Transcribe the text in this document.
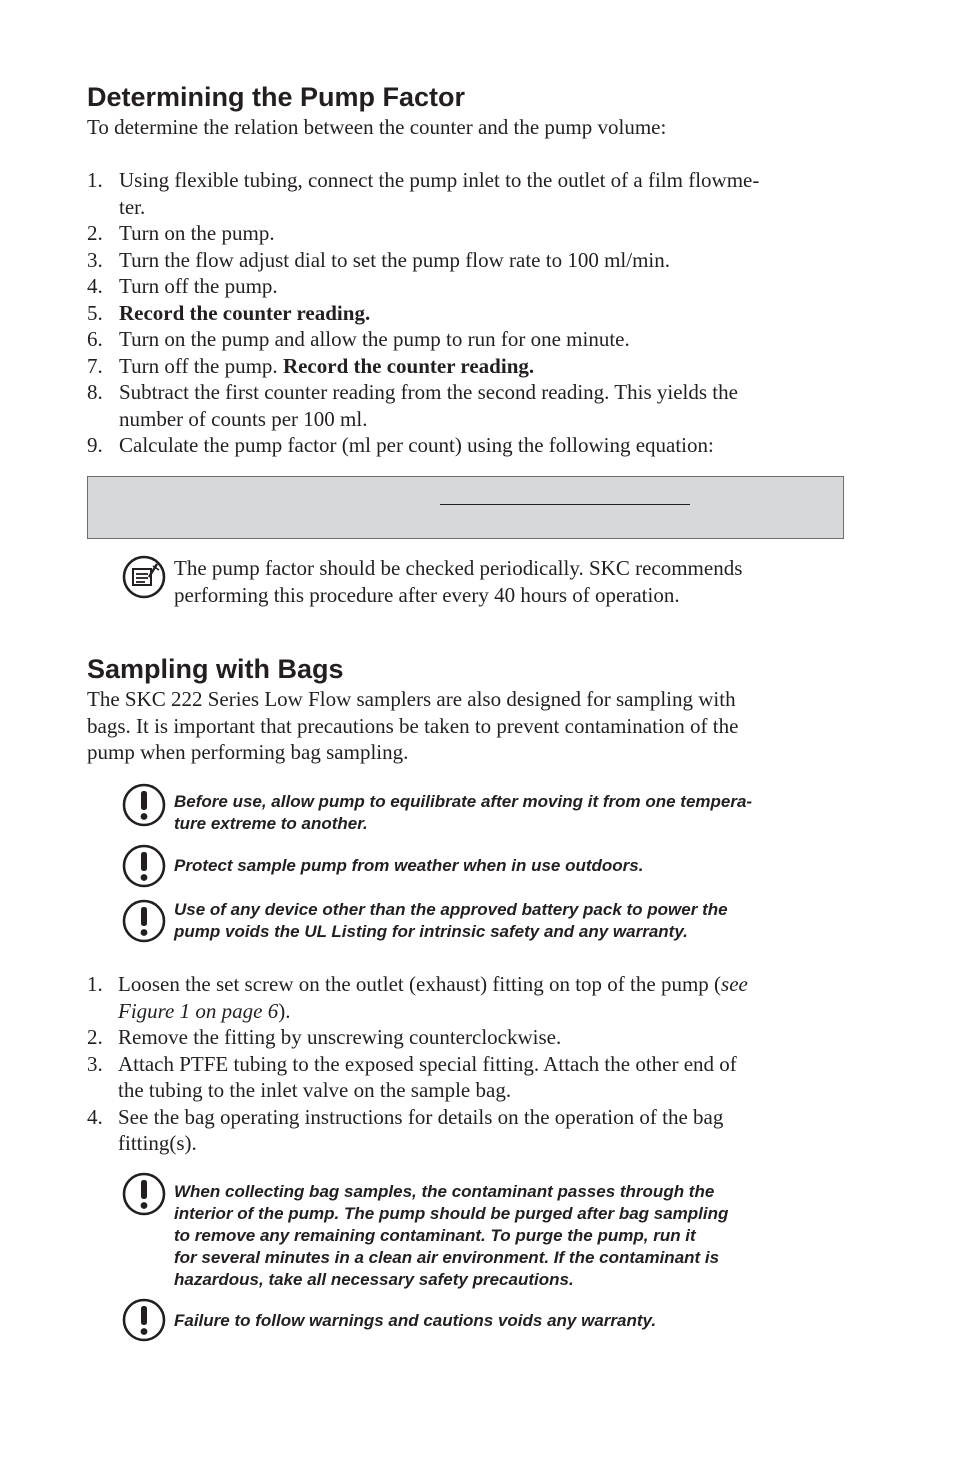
Determining the Pump Factor

To determine the relation between the counter and the pump volume:

1. Using flexible tubing, connect the pump inlet to the outlet of a film flowme-
ter.
2. Turn on the pump.
3. Turn the flow adjust dial to set the pump flow rate to 100 ml/min.
4. Turn off the pump.
5. Record the counter reading.
6. Turn on the pump and allow the pump to run for one minute.
7. Turn off the pump. Record the counter reading.
8. Subtract the first counter reading from the second reading. This yields the
number of counts per 100 ml.
9. Calculate the pump factor (ml per count) using the following equation:
The pump factor should be checked periodically. SKC recommends
performing this procedure after every 40 hours of operation.
Sampling with Bags

The SKC 222 Series Low Flow samplers are also designed for sampling with
bags. It is important that precautions be taken to prevent contamination of the
pump when performing bag sampling.

Before use, allow pump to equilibrate after moving it from one tempera-
ture extreme to another.
Protect sample pump from weather when in use outdoors.
Use of any device other than the approved battery pack to power the
pump voids the UL Listing for intrinsic safety and any warranty.
1. Loosen the set screw on the outlet (exhaust) fitting on top of the pump (see
Figure 1 on page 6).
2. Remove the fitting by unscrewing counterclockwise.
3. Attach PTFE tubing to the exposed special fitting. Attach the other end of
the tubing to the inlet valve on the sample bag.
4. See the bag operating instructions for details on the operation of the bag
fitting(s).
When collecting bag samples, the contaminant passes through the
interior of the pump. The pump should be purged after bag sampling
to remove any remaining contaminant. To purge the pump, run it
for several minutes in a clean air environment. If the contaminant is
hazardous, take all necessary safety precautions.
Failure to follow warnings and cautions voids any warranty.
